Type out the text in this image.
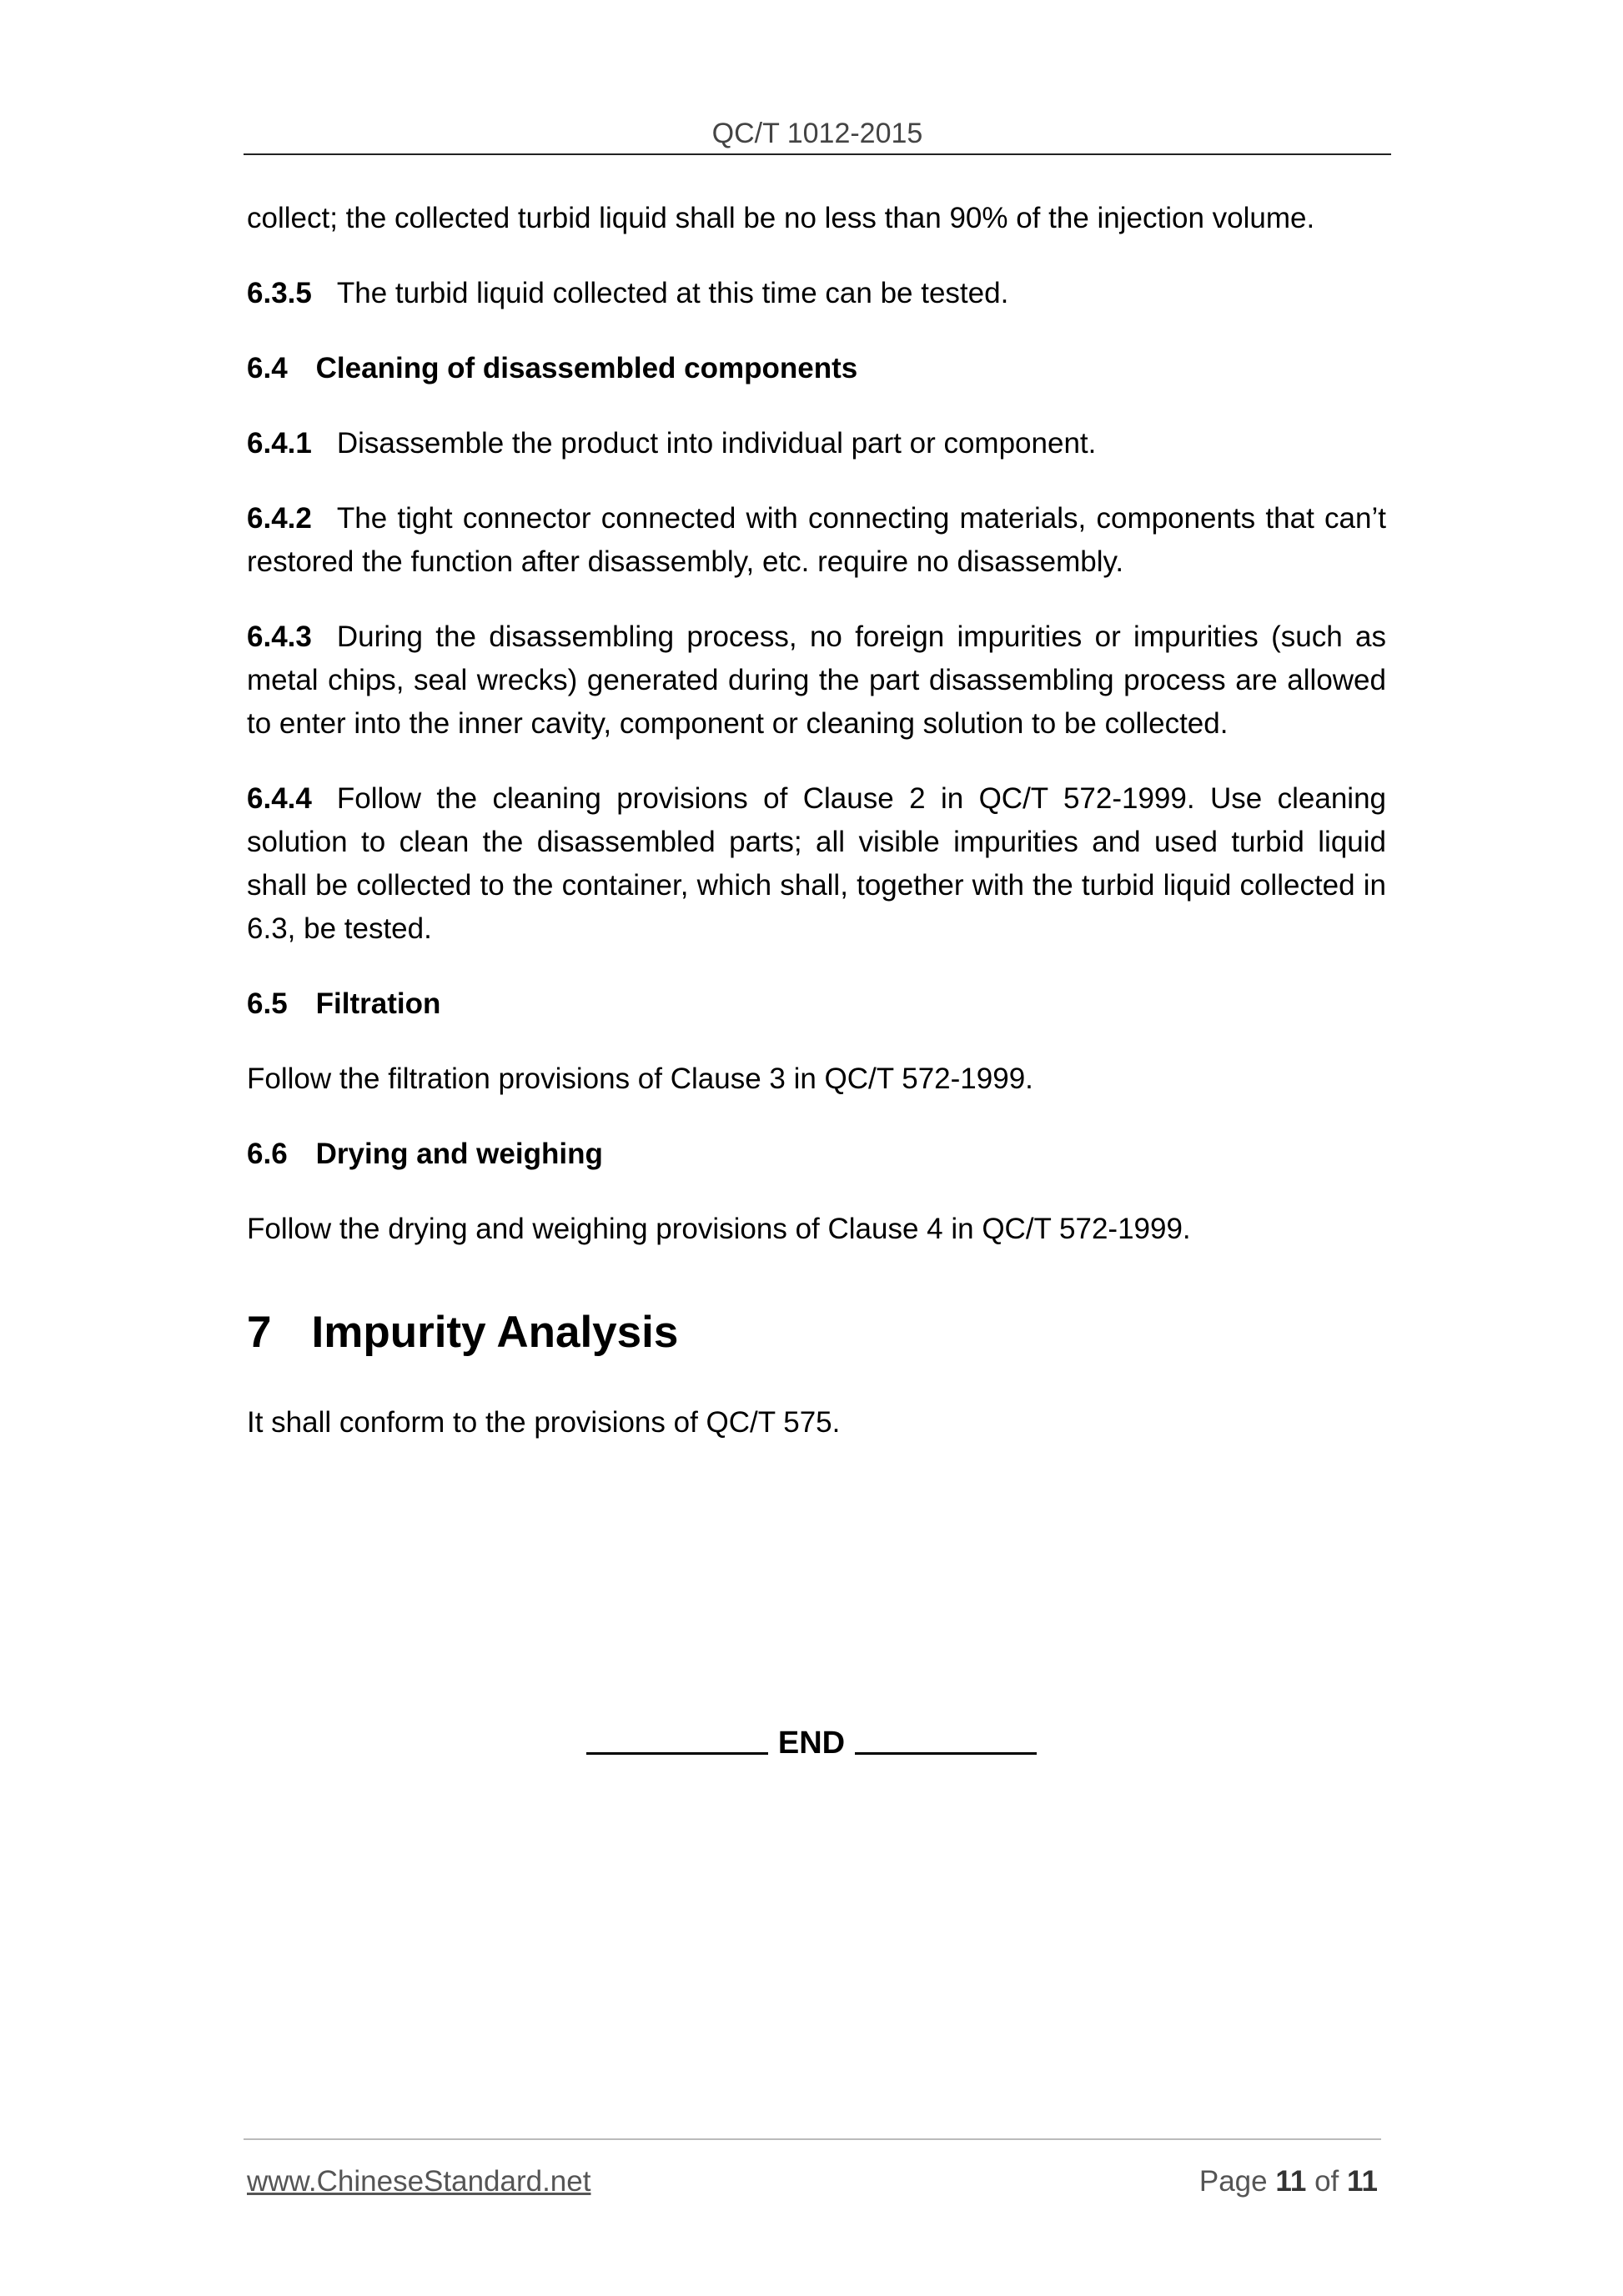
QC/T 1012-2015

collect; the collected turbid liquid shall be no less than 90% of the injection volume.

6.3.5 The turbid liquid collected at this time can be tested.

6.4 Cleaning of disassembled components

6.4.1 Disassemble the product into individual part or component.

6.4.2 The tight connector connected with connecting materials, components that can’t restored the function after disassembly, etc. require no disassembly.

6.4.3 During the disassembling process, no foreign impurities or impurities (such as metal chips, seal wrecks) generated during the part disassembling process are allowed to enter into the inner cavity, component or cleaning solution to be collected.

6.4.4 Follow the cleaning provisions of Clause 2 in QC/T 572-1999. Use cleaning solution to clean the disassembled parts; all visible impurities and used turbid liquid shall be collected to the container, which shall, together with the turbid liquid collected in 6.3, be tested.

6.5 Filtration

Follow the filtration provisions of Clause 3 in QC/T 572-1999.

6.6 Drying and weighing

Follow the drying and weighing provisions of Clause 4 in QC/T 572-1999.

7 Impurity Analysis

It shall conform to the provisions of QC/T 575.

END
www.ChineseStandard.net	Page 11 of 11
